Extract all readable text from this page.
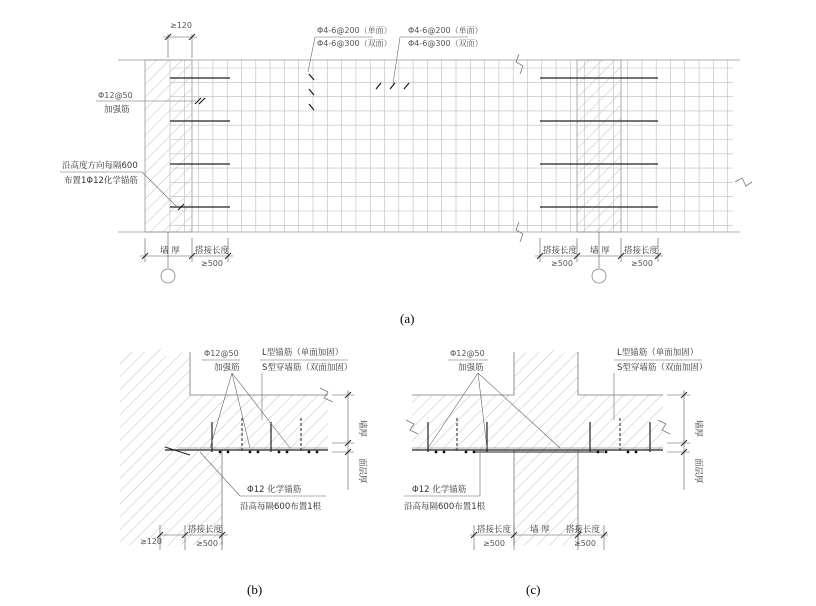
≥120
Φ4-6@200（单面）
Φ4-6@300（双面）
Φ4-6@200（单面）
Φ4-6@300（双面）
Φ12@50
加强筋
沿高度方向每隔600
布置1Φ12化学锚筋
墙 厚 搭接长度
≥500
搭接长度
≥500
墙 厚 搭接长度
≥500
(a)
Φ12@50
加强筋
L型锚筋（单面加固）
S型穿墙筋（双面加固）
墙厚
面层厚
Φ12 化学锚筋
沿高每隔600布置1根
≥120
搭接长度
≥500
(b)
Φ12@50
加强筋
L型锚筋（单面加固）
S型穿墙筋（双面加固）
墙厚
面层厚
Φ12 化学锚筋
沿高每隔600布置1根
搭接长度
≥500
墙 厚 搭接长度
≥500
(c)
